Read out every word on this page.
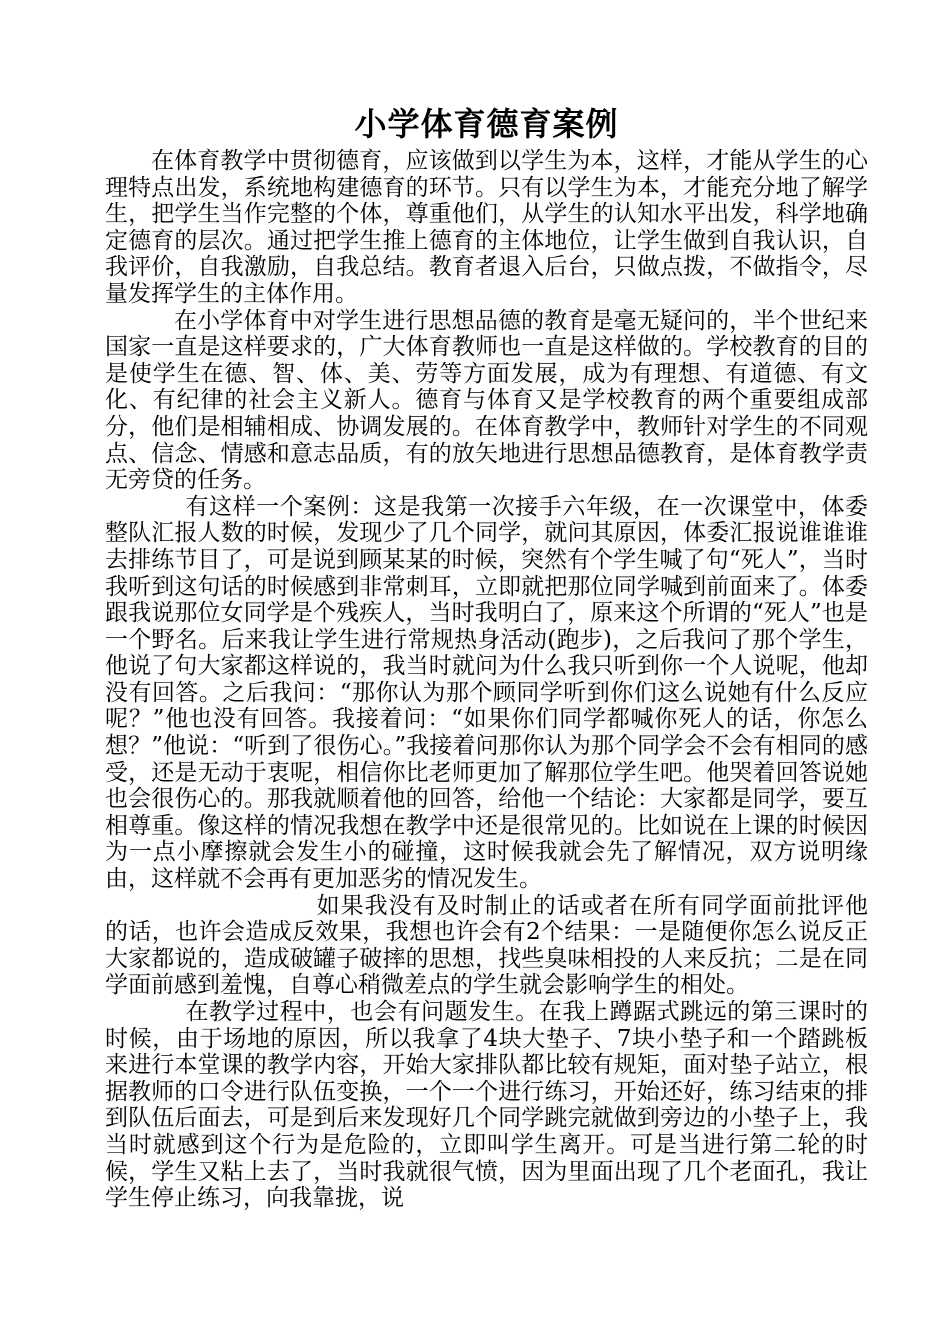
小学体育德育案例

在体育教学中贯彻德育，应该做到以学生为本，这样，才能从学生的心理特点出发，系统地构建德育的环节。只有以学生为本，才能充分地了解学生，把学生当作完整的个体，尊重他们，从学生的认知水平出发，科学地确定德育的层次。通过把学生推上德育的主体地位，让学生做到自我认识，自我评价，自我激励，自我总结。教育者退入后台，只做点拨，不做指令，尽量发挥学生的主体作用。

在小学体育中对学生进行思想品德的教育是毫无疑问的，半个世纪来国家一直是这样要求的，广大体育教师也一直是这样做的。学校教育的目的是使学生在德、智、体、美、劳等方面发展，成为有理想、有道德、有文化、有纪律的社会主义新人。德育与体育又是学校教育的两个重要组成部分，他们是相辅相成、协调发展的。在体育教学中，教师针对学生的不同观点、信念、情感和意志品质，有的放矢地进行思想品德教育，是体育教学责无旁贷的任务。

有这样一个案例：这是我第一次接手六年级，在一次课堂中，体委整队汇报人数的时候，发现少了几个同学，就问其原因，体委汇报说谁谁谁去排练节目了，可是说到顾某某的时候，突然有个学生喊了句“死人”，当时我听到这句话的时候感到非常刺耳，立即就把那位同学喊到前面来了。体委跟我说那位女同学是个残疾人，当时我明白了，原来这个所谓的“死人”也是一个野名。后来我让学生进行常规热身活动(跑步)，之后我问了那个学生，他说了句大家都这样说的，我当时就问为什么我只听到你一个人说呢，他却没有回答。之后我问：“那你认为那个顾同学听到你们这么说她有什么反应呢？”他也没有回答。我接着问：“如果你们同学都喊你死人的话，你怎么想？”他说：“听到了很伤心。”我接着问那你认为那个同学会不会有相同的感受，还是无动于衷呢，相信你比老师更加了解那位学生吧。他哭着回答说她也会很伤心的。那我就顺着他的回答，给他一个结论：大家都是同学，要互相尊重。像这样的情况我想在教学中还是很常见的。比如说在上课的时候因为一点小摩擦就会发生小的碰撞，这时候我就会先了解情况，双方说明缘由，这样就不会再有更加恶劣的情况发生。

如果我没有及时制止的话或者在所有同学面前批评他的话，也许会造成反效果，我想也许会有2个结果：一是随便你怎么说反正大家都说的，造成破罐子破摔的思想，找些臭味相投的人来反抗；二是在同学面前感到羞愧，自尊心稍微差点的学生就会影响学生的相处。

在教学过程中，也会有问题发生。在我上蹲踞式跳远的第三课时的时候，由于场地的原因，所以我拿了4块大垫子、7块小垫子和一个踏跳板来进行本堂课的教学内容，开始大家排队都比较有规矩，面对垫子站立，根据教师的口令进行队伍变换，一个一个进行练习，开始还好，练习结束的排到队伍后面去，可是到后来发现好几个同学跳完就做到旁边的小垫子上，我当时就感到这个行为是危险的，立即叫学生离开。可是当进行第二轮的时候，学生又粘上去了，当时我就很气愤，因为里面出现了几个老面孔，我让学生停止练习，向我靠拢，说
